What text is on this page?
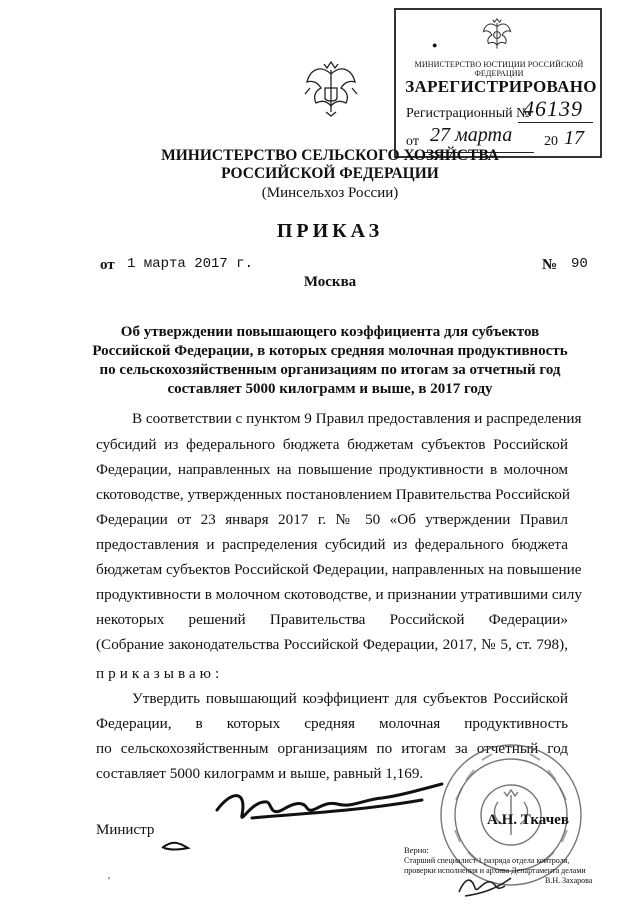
●
МИНИСТЕРСТВО ЮСТИЦИИ РОССИЙСКОЙ ФЕДЕРАЦИИ
ЗАРЕГИСТРИРОВАНО
Регистрационный №
46139
от 27 марта 20 17
МИНИСТЕРСТВО СЕЛЬСКОГО ХОЗЯЙСТВА
РОССИЙСКОЙ ФЕДЕРАЦИИ
(Минсельхоз России)
ПРИКАЗ
от 1 марта 2017 г.	№ 90
Москва
Об утверждении повышающего коэффициента для субъектов
Российской Федерации, в которых средняя молочная продуктивность
по сельскохозяйственным организациям по итогам за отчетный год
составляет 5000 килограмм и выше, в 2017 году
В соответствии с пунктом 9 Правил предоставления и распределения
субсидий из федерального бюджета бюджетам субъектов Российской
Федерации, направленных на повышение продуктивности в молочном
скотоводстве, утвержденных постановлением Правительства Российской
Федерации от 23 января 2017 г. № 50 «Об утверждении Правил
предоставления и распределения субсидий из федерального бюджета
бюджетам субъектов Российской Федерации, направленных на повышение
продуктивности в молочном скотоводстве, и признании утратившими силу
некоторых решений Правительства Российской Федерации»
(Собрание законодательства Российской Федерации, 2017, № 5, ст. 798),
приказываю:
Утвердить повышающий коэффициент для субъектов Российской
Федерации, в которых средняя молочная продуктивность
по сельскохозяйственным организациям по итогам за отчетный год
составляет 5000 килограмм и выше, равный 1,169.
Министр
А.Н. Ткачев
ʹ
Верно:
Старший специалист 1 разряда отдела контроля,
проверки исполнения и архива Департамента делами
В.Н. Захарова
